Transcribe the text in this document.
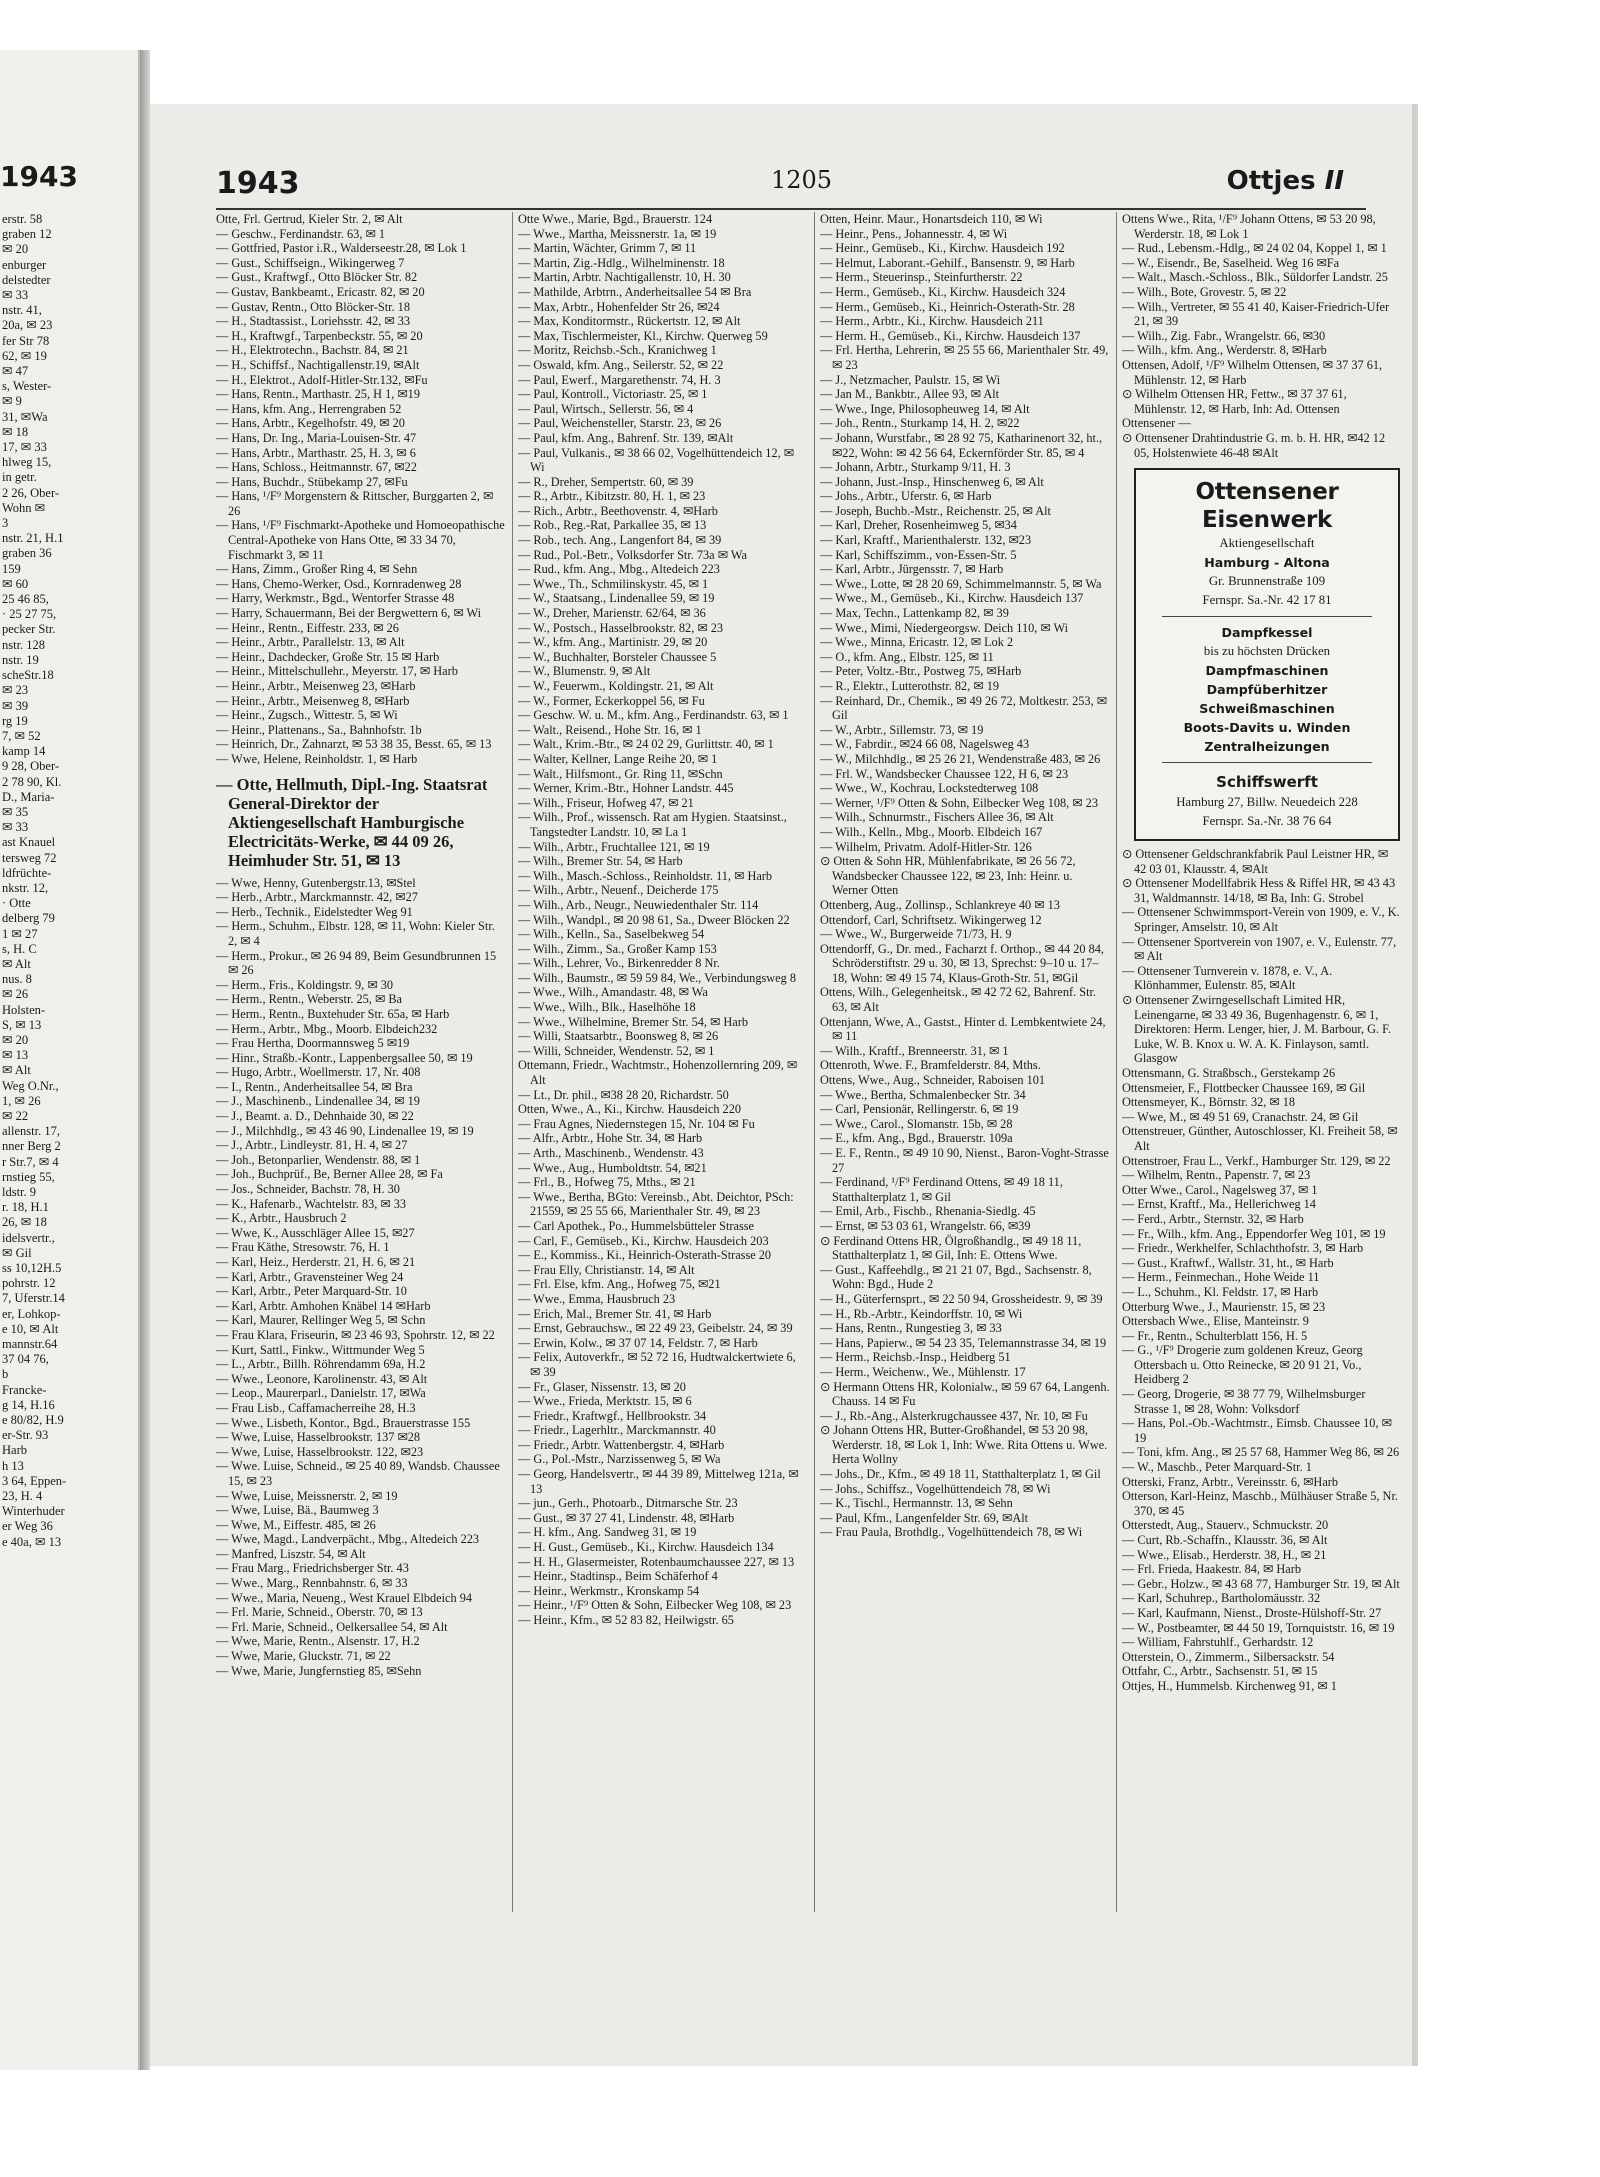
1943
erstr. 58
graben 12
✉ 20
enburger
delstedter
✉ 33
nstr. 41,
20a, ✉ 23
fer Str 78
62, ✉ 19
✉ 47
s, Wester-
✉ 9
31, ✉Wa
✉ 18
17, ✉ 33
hlweg 15,
in getr.
2 26, Ober-
Wohn ✉
3
nstr. 21, H.1
graben 36
159
✉ 60
25 46 85,
· 25 27 75,
pecker Str.
nstr. 128
nstr. 19
scheStr.18
✉ 23
✉ 39
rg 19
7, ✉ 52
kamp 14
9 28, Ober-
2 78 90, Kl.
D., Maria-
✉ 35
✉ 33
ast Knauel
tersweg 72
ldfrüchte-
nkstr. 12,
· Otte
delberg 79
1 ✉ 27
s, H. C
✉ Alt
nus. 8
✉ 26
Holsten-
S, ✉ 13
✉ 20
✉ 13
✉ Alt
Weg O.Nr.,
1, ✉ 26
✉ 22
allenstr. 17,
nner Berg 2
r Str.7, ✉ 4
rnstieg 55,
ldstr. 9
r. 18, H.1
26, ✉ 18
idelsvertr.,
✉ Gil
ss 10,12H.5
pohrstr. 12
7, Uferstr.14
er, Lohkop-
e 10, ✉ Alt
mannstr.64
37 04 76,
b
Francke-
g 14, H.16
e 80/82, H.9
er-Str. 93
Harb
h 13
3 64, Eppen-
23, H. 4
Winterhuder
er Weg 36
e 40a, ✉ 13
1943	1205	Ottjes II
Otte, Frl. Gertrud, Kieler Str. 2, ✉ Alt
— Geschw., Ferdinandstr. 63, ✉ 1
— Gottfried, Pastor i.R., Walderseestr.28, ✉ Lok 1
— Gust., Schiffseign., Wikingerweg 7
— Gust., Kraftwgf., Otto Blöcker Str. 82
— Gustav, Bankbeamt., Ericastr. 82, ✉ 20
— Gustav, Rentn., Otto Blöcker-Str. 18
— H., Stadtassist., Loriehsstr. 42, ✉ 33
— H., Kraftwgf., Tarpenbeckstr. 55, ✉ 20
— H., Elektrotechn., Bachstr. 84, ✉ 21
— H., Schiffsf., Nachtigallenstr.19, ✉Alt
— H., Elektrot., Adolf-Hitler-Str.132, ✉Fu
— Hans, Rentn., Marthastr. 25, H 1, ✉19
— Hans, kfm. Ang., Herrengraben 52
— Hans, Arbtr., Kegelhofstr. 49, ✉ 20
— Hans, Dr. Ing., Maria-Louisen-Str. 47
— Hans, Arbtr., Marthastr. 25, H. 3, ✉ 6
— Hans, Schloss., Heitmannstr. 67, ✉22
— Hans, Buchdr., Stübekamp 27, ✉Fu
— Hans, ¹/F⁹ Morgenstern & Rittscher, Burggarten 2, ✉ 26
— Hans, ¹/F⁹ Fischmarkt-Apotheke und Homoeopathische Central-Apotheke von Hans Otte, ✉ 33 34 70, Fischmarkt 3, ✉ 11
— Hans, Zimm., Großer Ring 4, ✉ Sehn
— Hans, Chemo-Werker, Osd., Kornradenweg 28
— Harry, Werkmstr., Bgd., Wentorfer Strasse 48
— Harry, Schauermann, Bei der Bergwettern 6, ✉ Wi
— Heinr., Rentn., Eiffestr. 233, ✉ 26
— Heinr., Arbtr., Parallelstr. 13, ✉ Alt
— Heinr., Dachdecker, Große Str. 15 ✉ Harb
— Heinr., Mittelschullehr., Meyerstr. 17, ✉ Harb
— Heinr., Arbtr., Meisenweg 23, ✉Harb
— Heinr., Arbtr., Meisenweg 8, ✉Harb
— Heinr., Zugsch., Wittestr. 5, ✉ Wi
— Heinr., Plattenans., Sa., Bahnhofstr. 1b
— Heinrich, Dr., Zahnarzt, ✉ 53 38 35, Besst. 65, ✉ 13
— Wwe, Helene, Reinholdstr. 1, ✉ Harb
— Otte, Hellmuth, Dipl.-Ing. Staatsrat General-Direktor der Aktiengesellschaft Hamburgische Electricitäts-Werke, ✉ 44 09 26, Heimhuder Str. 51, ✉ 13
— Wwe, Henny, Gutenbergstr.13, ✉Stel
— Herb., Arbtr., Marckmannstr. 42, ✉27
— Herb., Technik., Eidelstedter Weg 91
— Herm., Schuhm., Elbstr. 128, ✉ 11, Wohn: Kieler Str. 2, ✉ 4
— Herm., Prokur., ✉ 26 94 89, Beim Gesundbrunnen 15 ✉ 26
— Herm., Fris., Koldingstr. 9, ✉ 30
— Herm., Rentn., Weberstr. 25, ✉ Ba
— Herm., Rentn., Buxtehuder Str. 65a, ✉ Harb
— Herm., Arbtr., Mbg., Moorb. Elbdeich232
— Frau Hertha, Doormannsweg 5 ✉19
— Hinr., Straßb.-Kontr., Lappenbergsallee 50, ✉ 19
— Hugo, Arbtr., Woellmerstr. 17, Nr. 408
— I., Rentn., Anderheitsallee 54, ✉ Bra
— J., Maschinenb., Lindenallee 34, ✉ 19
— J., Beamt. a. D., Dehnhaide 30, ✉ 22
— J., Milchhdlg., ✉ 43 46 90, Lindenallee 19, ✉ 19
— J., Arbtr., Lindleystr. 81, H. 4, ✉ 27
— Joh., Betonparlier, Wendenstr. 88, ✉ 1
— Joh., Buchprüf., Be, Berner Allee 28, ✉ Fa
— Jos., Schneider, Bachstr. 78, H. 30
— K., Hafenarb., Wachtelstr. 83, ✉ 33
— K., Arbtr., Hausbruch 2
— Wwe, K., Ausschläger Allee 15, ✉27
— Frau Käthe, Stresowstr. 76, H. 1
— Karl, Heiz., Herderstr. 21, H. 6, ✉ 21
— Karl, Arbtr., Gravensteiner Weg 24
— Karl, Arbtr., Peter Marquard-Str. 10
— Karl, Arbtr. Amhohen Knäbel 14 ✉Harb
— Karl, Maurer, Rellinger Weg 5, ✉ Schn
— Frau Klara, Friseurin, ✉ 23 46 93, Spohrstr. 12, ✉ 22
— Kurt, Sattl., Finkw., Wittmunder Weg 5
— L., Arbtr., Billh. Röhrendamm 69a, H.2
— Wwe., Leonore, Karolinenstr. 43, ✉ Alt
— Leop., Maurerparl., Danielstr. 17, ✉Wa
— Frau Lisb., Caffamacherreihe 28, H.3
— Wwe., Lisbeth, Kontor., Bgd., Brauerstrasse 155
— Wwe, Luise, Hasselbrookstr. 137 ✉28
— Wwe, Luise, Hasselbrookstr. 122, ✉23
— Wwe. Luise, Schneid., ✉ 25 40 89, Wandsb. Chaussee 15, ✉ 23
— Wwe, Luise, Meissnerstr. 2, ✉ 19
— Wwe, Luise, Bä., Baumweg 3
— Wwe, M., Eiffestr. 485, ✉ 26
— Wwe, Magd., Landverpächt., Mbg., Altedeich 223
— Manfred, Liszstr. 54, ✉ Alt
— Frau Marg., Friedrichsberger Str. 43
— Wwe., Marg., Rennbahnstr. 6, ✉ 33
— Wwe., Maria, Neueng., West Krauel Elbdeich 94
— Frl. Marie, Schneid., Oberstr. 70, ✉ 13
— Frl. Marie, Schneid., Oelkersallee 54, ✉ Alt
— Wwe, Marie, Rentn., Alsenstr. 17, H.2
— Wwe, Marie, Gluckstr. 71, ✉ 22
— Wwe, Marie, Jungfernstieg 85, ✉Sehn
Otte Wwe., Marie, Bgd., Brauerstr. 124
— Wwe., Martha, Meissnerstr. 1a, ✉ 19
— Martin, Wächter, Grimm 7, ✉ 11
— Martin, Zig.-Hdlg., Wilhelminenstr. 18
— Martin, Arbtr. Nachtigallenstr. 10, H. 30
— Mathilde, Arbtrn., Anderheitsallee 54 ✉ Bra
— Max, Arbtr., Hohenfelder Str 26, ✉24
— Max, Konditormstr., Rückertstr. 12, ✉ Alt
— Max, Tischlermeister, Kl., Kirchw. Querweg 59
— Moritz, Reichsb.-Sch., Kranichweg 1
— Oswald, kfm. Ang., Seilerstr. 52, ✉ 22
— Paul, Ewerf., Margarethenstr. 74, H. 3
— Paul, Kontroll., Victoriastr. 25, ✉ 1
— Paul, Wirtsch., Sellerstr. 56, ✉ 4
— Paul, Weichensteller, Starstr. 23, ✉ 26
— Paul, kfm. Ang., Bahrenf. Str. 139, ✉Alt
— Paul, Vulkanis., ✉ 38 66 02, Vogelhüttendeich 12, ✉ Wi
— R., Dreher, Sempertstr. 60, ✉ 39
— R., Arbtr., Kibitzstr. 80, H. 1, ✉ 23
— Rich., Arbtr., Beethovenstr. 4, ✉Harb
— Rob., Reg.-Rat, Parkallee 35, ✉ 13
— Rob., tech. Ang., Langenfort 84, ✉ 39
— Rud., Pol.-Betr., Volksdorfer Str. 73a ✉ Wa
— Rud., kfm. Ang., Mbg., Altedeich 223
— Wwe., Th., Schmilinskystr. 45, ✉ 1
— W., Staatsang., Lindenallee 59, ✉ 19
— W., Dreher, Marienstr. 62/64, ✉ 36
— W., Postsch., Hasselbrookstr. 82, ✉ 23
— W., kfm. Ang., Martinistr. 29, ✉ 20
— W., Buchhalter, Borsteler Chaussee 5
— W., Blumenstr. 9, ✉ Alt
— W., Feuerwm., Koldingstr. 21, ✉ Alt
— W., Former, Eckerkoppel 56, ✉ Fu
— Geschw. W. u. M., kfm. Ang., Ferdinandstr. 63, ✉ 1
— Walt., Reisend., Hohe Str. 16, ✉ 1
— Walt., Krim.-Btr., ✉ 24 02 29, Gurlittstr. 40, ✉ 1
— Walter, Kellner, Lange Reihe 20, ✉ 1
— Walt., Hilfsmont., Gr. Ring 11, ✉Schn
— Werner, Krim.-Btr., Hohner Landstr. 445
— Wilh., Friseur, Hofweg 47, ✉ 21
— Wilh., Prof., wissensch. Rat am Hygien. Staatsinst., Tangstedter Landstr. 10, ✉ La 1
— Wilh., Arbtr., Fruchtallee 121, ✉ 19
— Wilh., Bremer Str. 54, ✉ Harb
— Wilh., Masch.-Schloss., Reinholdstr. 11, ✉ Harb
— Wilh., Arbtr., Neuenf., Deicherde 175
— Wilh., Arb., Neugr., Neuwiedenthaler Str. 114
— Wilh., Wandpl., ✉ 20 98 61, Sa., Dweer Blöcken 22
— Wilh., Kelln., Sa., Saselbekweg 54
— Wilh., Zimm., Sa., Großer Kamp 153
— Wilh., Lehrer, Vo., Birkenredder 8 Nr.
— Wilh., Baumstr., ✉ 59 59 84, We., Verbindungsweg 8
— Wwe., Wilh., Amandastr. 48, ✉ Wa
— Wwe., Wilh., Blk., Haselhöhe 18
— Wwe., Wilhelmine, Bremer Str. 54, ✉ Harb
— Willi, Staatsarbtr., Boonsweg 8, ✉ 26
— Willi, Schneider, Wendenstr. 52, ✉ 1
Ottemann, Friedr., Wachtmstr., Hohenzollernring 209, ✉ Alt
— Lt., Dr. phil., ✉38 28 20, Richardstr. 50
Otten, Wwe., A., Ki., Kirchw. Hausdeich 220
— Frau Agnes, Niedernstegen 15, Nr. 104 ✉ Fu
— Alfr., Arbtr., Hohe Str. 34, ✉ Harb
— Arth., Maschinenb., Wendenstr. 43
— Wwe., Aug., Humboldtstr. 54, ✉21
— Frl., B., Hofweg 75, Mths., ✉ 21
— Wwe., Bertha, BGto: Vereinsb., Abt. Deichtor, PSch: 21559, ✉ 25 55 66, Marienthaler Str. 49, ✉ 23
— Carl Apothek., Po., Hummelsbütteler Strasse
— Carl, F., Gemüseb., Ki., Kirchw. Hausdeich 203
— E., Kommiss., Ki., Heinrich-Osterath-Strasse 20
— Frau Elly, Christianstr. 14, ✉ Alt
— Frl. Else, kfm. Ang., Hofweg 75, ✉21
— Wwe., Emma, Hausbruch 23
— Erich, Mal., Bremer Str. 41, ✉ Harb
— Ernst, Gebrauchsw., ✉ 22 49 23, Geibelstr. 24, ✉ 39
— Erwin, Kolw., ✉ 37 07 14, Feldstr. 7, ✉ Harb
— Felix, Autoverkfr., ✉ 52 72 16, Hudtwalckertwiete 6, ✉ 39
— Fr., Glaser, Nissenstr. 13, ✉ 20
— Wwe., Frieda, Merktstr. 15, ✉ 6
— Friedr., Kraftwgf., Hellbrookstr. 34
— Friedr., Lagerhltr., Marckmannstr. 40
— Friedr., Arbtr. Wattenbergstr. 4, ✉Harb
— G., Pol.-Mstr., Narzissenweg 5, ✉ Wa
— Georg, Handelsvertr., ✉ 44 39 89, Mittelweg 121a, ✉ 13
— jun., Gerh., Photoarb., Ditmarsche Str. 23
— Gust., ✉ 37 27 41, Lindenstr. 48, ✉Harb
— H. kfm., Ang. Sandweg 31, ✉ 19
— H. Gust., Gemüseb., Ki., Kirchw. Hausdeich 134
— H. H., Glasermeister, Rotenbaumchaussee 227, ✉ 13
— Heinr., Stadtinsp., Beim Schäferhof 4
— Heinr., Werkmstr., Kronskamp 54
— Heinr., ¹/F⁹ Otten & Sohn, Eilbecker Weg 108, ✉ 23
— Heinr., Kfm., ✉ 52 83 82, Heilwigstr. 65
Otten, Heinr. Maur., Honartsdeich 110, ✉ Wi
— Heinr., Pens., Johannesstr. 4, ✉ Wi
— Heinr., Gemüseb., Ki., Kirchw. Hausdeich 192
— Helmut, Laborant.-Gehilf., Bansenstr. 9, ✉ Harb
— Herm., Steuerinsp., Steinfurtherstr. 22
— Herm., Gemüseb., Ki., Kirchw. Hausdeich 324
— Herm., Gemüseb., Ki., Heinrich-Osterath-Str. 28
— Herm., Arbtr., Ki., Kirchw. Hausdeich 211
— Herm. H., Gemüseb., Ki., Kirchw. Hausdeich 137
— Frl. Hertha, Lehrerin, ✉ 25 55 66, Marienthaler Str. 49, ✉ 23
— J., Netzmacher, Paulstr. 15, ✉ Wi
— Jan M., Bankbtr., Allee 93, ✉ Alt
— Wwe., Inge, Philosopheuweg 14, ✉ Alt
— Joh., Rentn., Sturkamp 14, H. 2, ✉22
— Johann, Wurstfabr., ✉ 28 92 75, Katharinenort 32, ht., ✉22, Wohn: ✉ 42 56 64, Eckernförder Str. 85, ✉ 4
— Johann, Arbtr., Sturkamp 9/11, H. 3
— Johann, Just.-Insp., Hinschenweg 6, ✉ Alt
— Johs., Arbtr., Uferstr. 6, ✉ Harb
— Joseph, Buchb.-Mstr., Reichenstr. 25, ✉ Alt
— Karl, Dreher, Rosenheimweg 5, ✉34
— Karl, Kraftf., Marienthalerstr. 132, ✉23
— Karl, Schiffszimm., von-Essen-Str. 5
— Karl, Arbtr., Jürgensstr. 7, ✉ Harb
— Wwe., Lotte, ✉ 28 20 69, Schimmelmannstr. 5, ✉ Wa
— Wwe., M., Gemüseb., Ki., Kirchw. Hausdeich 137
— Max, Techn., Lattenkamp 82, ✉ 39
— Wwe., Mimi, Niedergeorgsw. Deich 110, ✉ Wi
— Wwe., Minna, Ericastr. 12, ✉ Lok 2
— O., kfm. Ang., Elbstr. 125, ✉ 11
— Peter, Voltz.-Btr., Postweg 75, ✉Harb
— R., Elektr., Lutterothstr. 82, ✉ 19
— Reinhard, Dr., Chemik., ✉ 49 26 72, Moltkestr. 253, ✉ Gil
— W., Arbtr., Sillemstr. 73, ✉ 19
— W., Fabrdir., ✉24 66 08, Nagelsweg 43
— W., Milchhdlg., ✉ 25 26 21, Wendenstraße 483, ✉ 26
— Frl. W., Wandsbecker Chaussee 122, H 6, ✉ 23
— Wwe., W., Kochrau, Lockstedterweg 108
— Werner, ¹/F⁹ Otten & Sohn, Eilbecker Weg 108, ✉ 23
— Wilh., Schnurmstr., Fischers Allee 36, ✉ Alt
— Wilh., Kelln., Mbg., Moorb. Elbdeich 167
— Wilhelm, Privatm. Adolf-Hitler-Str. 126
⊙ Otten & Sohn HR, Mühlenfabrikate, ✉ 26 56 72, Wandsbecker Chaussee 122, ✉ 23, Inh: Heinr. u. Werner Otten
Ottenberg, Aug., Zollinsp., Schlankreye 40 ✉ 13
Ottendorf, Carl, Schriftsetz. Wikingerweg 12
— Wwe., W., Burgerweide 71/73, H. 9
Ottendorff, G., Dr. med., Facharzt f. Orthop., ✉ 44 20 84, Schröderstiftstr. 29 u. 30, ✉ 13, Sprechst: 9–10 u. 17–18, Wohn: ✉ 49 15 74, Klaus-Groth-Str. 51, ✉Gil
Ottens, Wilh., Gelegenheitsk., ✉ 42 72 62, Bahrenf. Str. 63, ✉ Alt
Ottenjann, Wwe, A., Gastst., Hinter d. Lembkentwiete 24, ✉ 11
— Wilh., Kraftf., Brenneerstr. 31, ✉ 1
Ottenroth, Wwe. F., Bramfelderstr. 84, Mths.
Ottens, Wwe., Aug., Schneider, Raboisen 101
— Wwe., Bertha, Schmalenbecker Str. 34
— Carl, Pensionär, Rellingerstr. 6, ✉ 19
— Wwe., Carol., Slomanstr. 15b, ✉ 28
— E., kfm. Ang., Bgd., Brauerstr. 109a
— E. F., Rentn., ✉ 49 10 90, Nienst., Baron-Voght-Strasse 27
— Ferdinand, ¹/F⁹ Ferdinand Ottens, ✉ 49 18 11, Statthalterplatz 1, ✉ Gil
— Emil, Arb., Fischb., Rhenania-Siedlg. 45
— Ernst, ✉ 53 03 61, Wrangelstr. 66, ✉39
⊙ Ferdinand Ottens HR, Ölgroßhandlg., ✉ 49 18 11, Statthalterplatz 1, ✉ Gil, Inh: E. Ottens Wwe.
— Gust., Kaffeehdlg., ✉ 21 21 07, Bgd., Sachsenstr. 8, Wohn: Bgd., Hude 2
— H., Güterfernsprt., ✉ 22 50 94, Grossheidestr. 9, ✉ 39
— H., Rb.-Arbtr., Keindorffstr. 10, ✉ Wi
— Hans, Rentn., Rungestieg 3, ✉ 33
— Hans, Papierw., ✉ 54 23 35, Telemannstrasse 34, ✉ 19
— Herm., Reichsb.-Insp., Heidberg 51
— Herm., Weichenw., We., Mühlenstr. 17
⊙ Hermann Ottens HR, Kolonialw., ✉ 59 67 64, Langenh. Chauss. 14 ✉ Fu
— J., Rb.-Ang., Alsterkrugchaussee 437, Nr. 10, ✉ Fu
⊙ Johann Ottens HR, Butter-Großhandel, ✉ 53 20 98, Werderstr. 18, ✉ Lok 1, Inh: Wwe. Rita Ottens u. Wwe. Herta Wollny
— Johs., Dr., Kfm., ✉ 49 18 11, Statthalterplatz 1, ✉ Gil
— Johs., Schiffsz., Vogelhüttendeich 78, ✉ Wi
— K., Tischl., Hermannstr. 13, ✉ Sehn
— Paul, Kfm., Langenfelder Str. 69, ✉Alt
— Frau Paula, Brothdlg., Vogelhüttendeich 78, ✉ Wi
Ottens Wwe., Rita, ¹/F⁹ Johann Ottens, ✉ 53 20 98, Werderstr. 18, ✉ Lok 1
— Rud., Lebensm.-Hdlg., ✉ 24 02 04, Koppel 1, ✉ 1
— W., Eisendr., Be, Saselheid. Weg 16 ✉Fa
— Walt., Masch.-Schloss., Blk., Süldorfer Landstr. 25
— Wilh., Bote, Grovestr. 5, ✉ 22
— Wilh., Vertreter, ✉ 55 41 40, Kaiser-Friedrich-Ufer 21, ✉ 39
— Wilh., Zig. Fabr., Wrangelstr. 66, ✉30
— Wilh., kfm. Ang., Werderstr. 8, ✉Harb
Ottensen, Adolf, ¹/F⁹ Wilhelm Ottensen, ✉ 37 37 61, Mühlenstr. 12, ✉ Harb
⊙ Wilhelm Ottensen HR, Fettw., ✉ 37 37 61, Mühlenstr. 12, ✉ Harb, Inh: Ad. Ottensen
Ottensener —
⊙ Ottensener Drahtindustrie G. m. b. H. HR, ✉42 12 05, Holstenwiete 46-48 ✉Alt
Ottensener Eisenwerk
Aktiengesellschaft
Hamburg - Altona
Gr. Brunnenstraße 109
Fernspr. Sa.-Nr. 42 17 81
Dampfkessel
bis zu höchsten Drücken
Dampfmaschinen
Dampfüberhitzer
Schweißmaschinen
Boots-Davits u. Winden
Zentralheizungen
Schiffswerft
Hamburg 27, Billw. Neuedeich 228
Fernspr. Sa.-Nr. 38 76 64
⊙ Ottensener Geldschrankfabrik Paul Leistner HR, ✉ 42 03 01, Klausstr. 4, ✉Alt
⊙ Ottensener Modellfabrik Hess & Riffel HR, ✉ 43 43 31, Waldmannstr. 14/18, ✉ Ba, Inh: G. Strobel
— Ottensener Schwimmsport-Verein von 1909, e. V., K. Springer, Amselstr. 10, ✉ Alt
— Ottensener Sportverein von 1907, e. V., Eulenstr. 77, ✉ Alt
— Ottensener Turnverein v. 1878, e. V., A. Klönhammer, Eulenstr. 85, ✉Alt
⊙ Ottensener Zwirngesellschaft Limited HR, Leinengarne, ✉ 33 49 36, Bugenhagenstr. 6, ✉ 1, Direktoren: Herm. Lenger, hier, J. M. Barbour, G. F. Luke, W. B. Knox u. W. A. K. Finlayson, samtl. Glasgow
Ottensmann, G. Straßbsch., Gerstekamp 26
Ottensmeier, F., Flottbecker Chaussee 169, ✉ Gil
Ottensmeyer, K., Börnstr. 32, ✉ 18
— Wwe, M., ✉ 49 51 69, Cranachstr. 24, ✉ Gil
Ottenstreuer, Günther, Autoschlosser, Kl. Freiheit 58, ✉ Alt
Ottenstroer, Frau L., Verkf., Hamburger Str. 129, ✉ 22
— Wilhelm, Rentn., Papenstr. 7, ✉ 23
Otter Wwe., Carol., Nagelsweg 37, ✉ 1
— Ernst, Kraftf., Ma., Hellerichweg 14
— Ferd., Arbtr., Sternstr. 32, ✉ Harb
— Fr., Wilh., kfm. Ang., Eppendorfer Weg 101, ✉ 19
— Friedr., Werkhelfer, Schlachthofstr. 3, ✉ Harb
— Gust., Kraftwf., Wallstr. 31, ht., ✉ Harb
— Herm., Feinmechan., Hohe Weide 11
— L., Schuhm., Kl. Feldstr. 17, ✉ Harb
Otterburg Wwe., J., Maurienstr. 15, ✉ 23
Ottersbach Wwe., Elise, Manteinstr. 9
— Fr., Rentn., Schulterblatt 156, H. 5
— G., ¹/F⁹ Drogerie zum goldenen Kreuz, Georg Ottersbach u. Otto Reinecke, ✉ 20 91 21, Vo., Heidberg 2
— Georg, Drogerie, ✉ 38 77 79, Wilhelmsburger Strasse 1, ✉ 28, Wohn: Volksdorf
— Hans, Pol.-Ob.-Wachtmstr., Eimsb. Chaussee 10, ✉ 19
— Toni, kfm. Ang., ✉ 25 57 68, Hammer Weg 86, ✉ 26
— W., Maschb., Peter Marquard-Str. 1
Otterski, Franz, Arbtr., Vereinsstr. 6, ✉Harb
Otterson, Karl-Heinz, Maschb., Mülhäuser Straße 5, Nr. 370, ✉ 45
Otterstedt, Aug., Stauerv., Schmuckstr. 20
— Curt, Rb.-Schaffn., Klausstr. 36, ✉ Alt
— Wwe., Elisab., Herderstr. 38, H., ✉ 21
— Frl. Frieda, Haakestr. 84, ✉ Harb
— Gebr., Holzw., ✉ 43 68 77, Hamburger Str. 19, ✉ Alt
— Karl, Schuhrep., Bartholomäusstr. 32
— Karl, Kaufmann, Nienst., Droste-Hülshoff-Str. 27
— W., Postbeamter, ✉ 44 50 19, Tornquiststr. 16, ✉ 19
— William, Fahrstuhlf., Gerhardstr. 12
Otterstein, O., Zimmerm., Silbersackstr. 54
Ottfahr, C., Arbtr., Sachsenstr. 51, ✉ 15
Ottjes, H., Hummelsb. Kirchenweg 91, ✉ 1
